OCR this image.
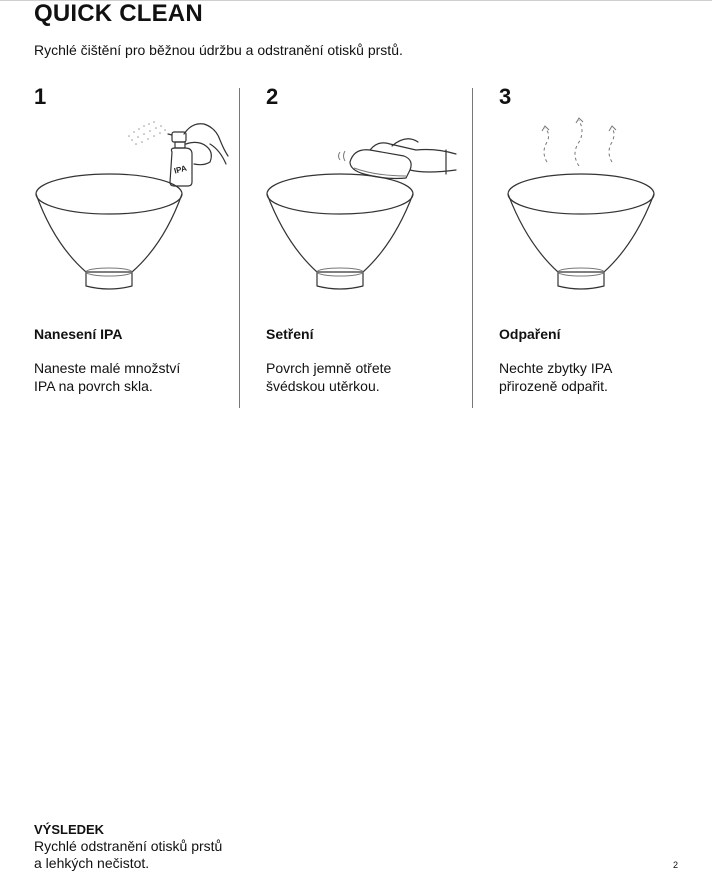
QUICK CLEAN
Rychlé čištění pro běžnou údržbu a odstranění otisků prstů.
1
IPA
Nanesení IPA
Naneste malé množství
IPA na povrch skla.
2
Setření
Povrch jemně otřete
švédskou utěrkou.
3
Odpaření
Nechte zbytky IPA
přirozeně odpařit.
VÝSLEDEK
Rychlé odstranění otisků prstů
a lehkých nečistot.	2
